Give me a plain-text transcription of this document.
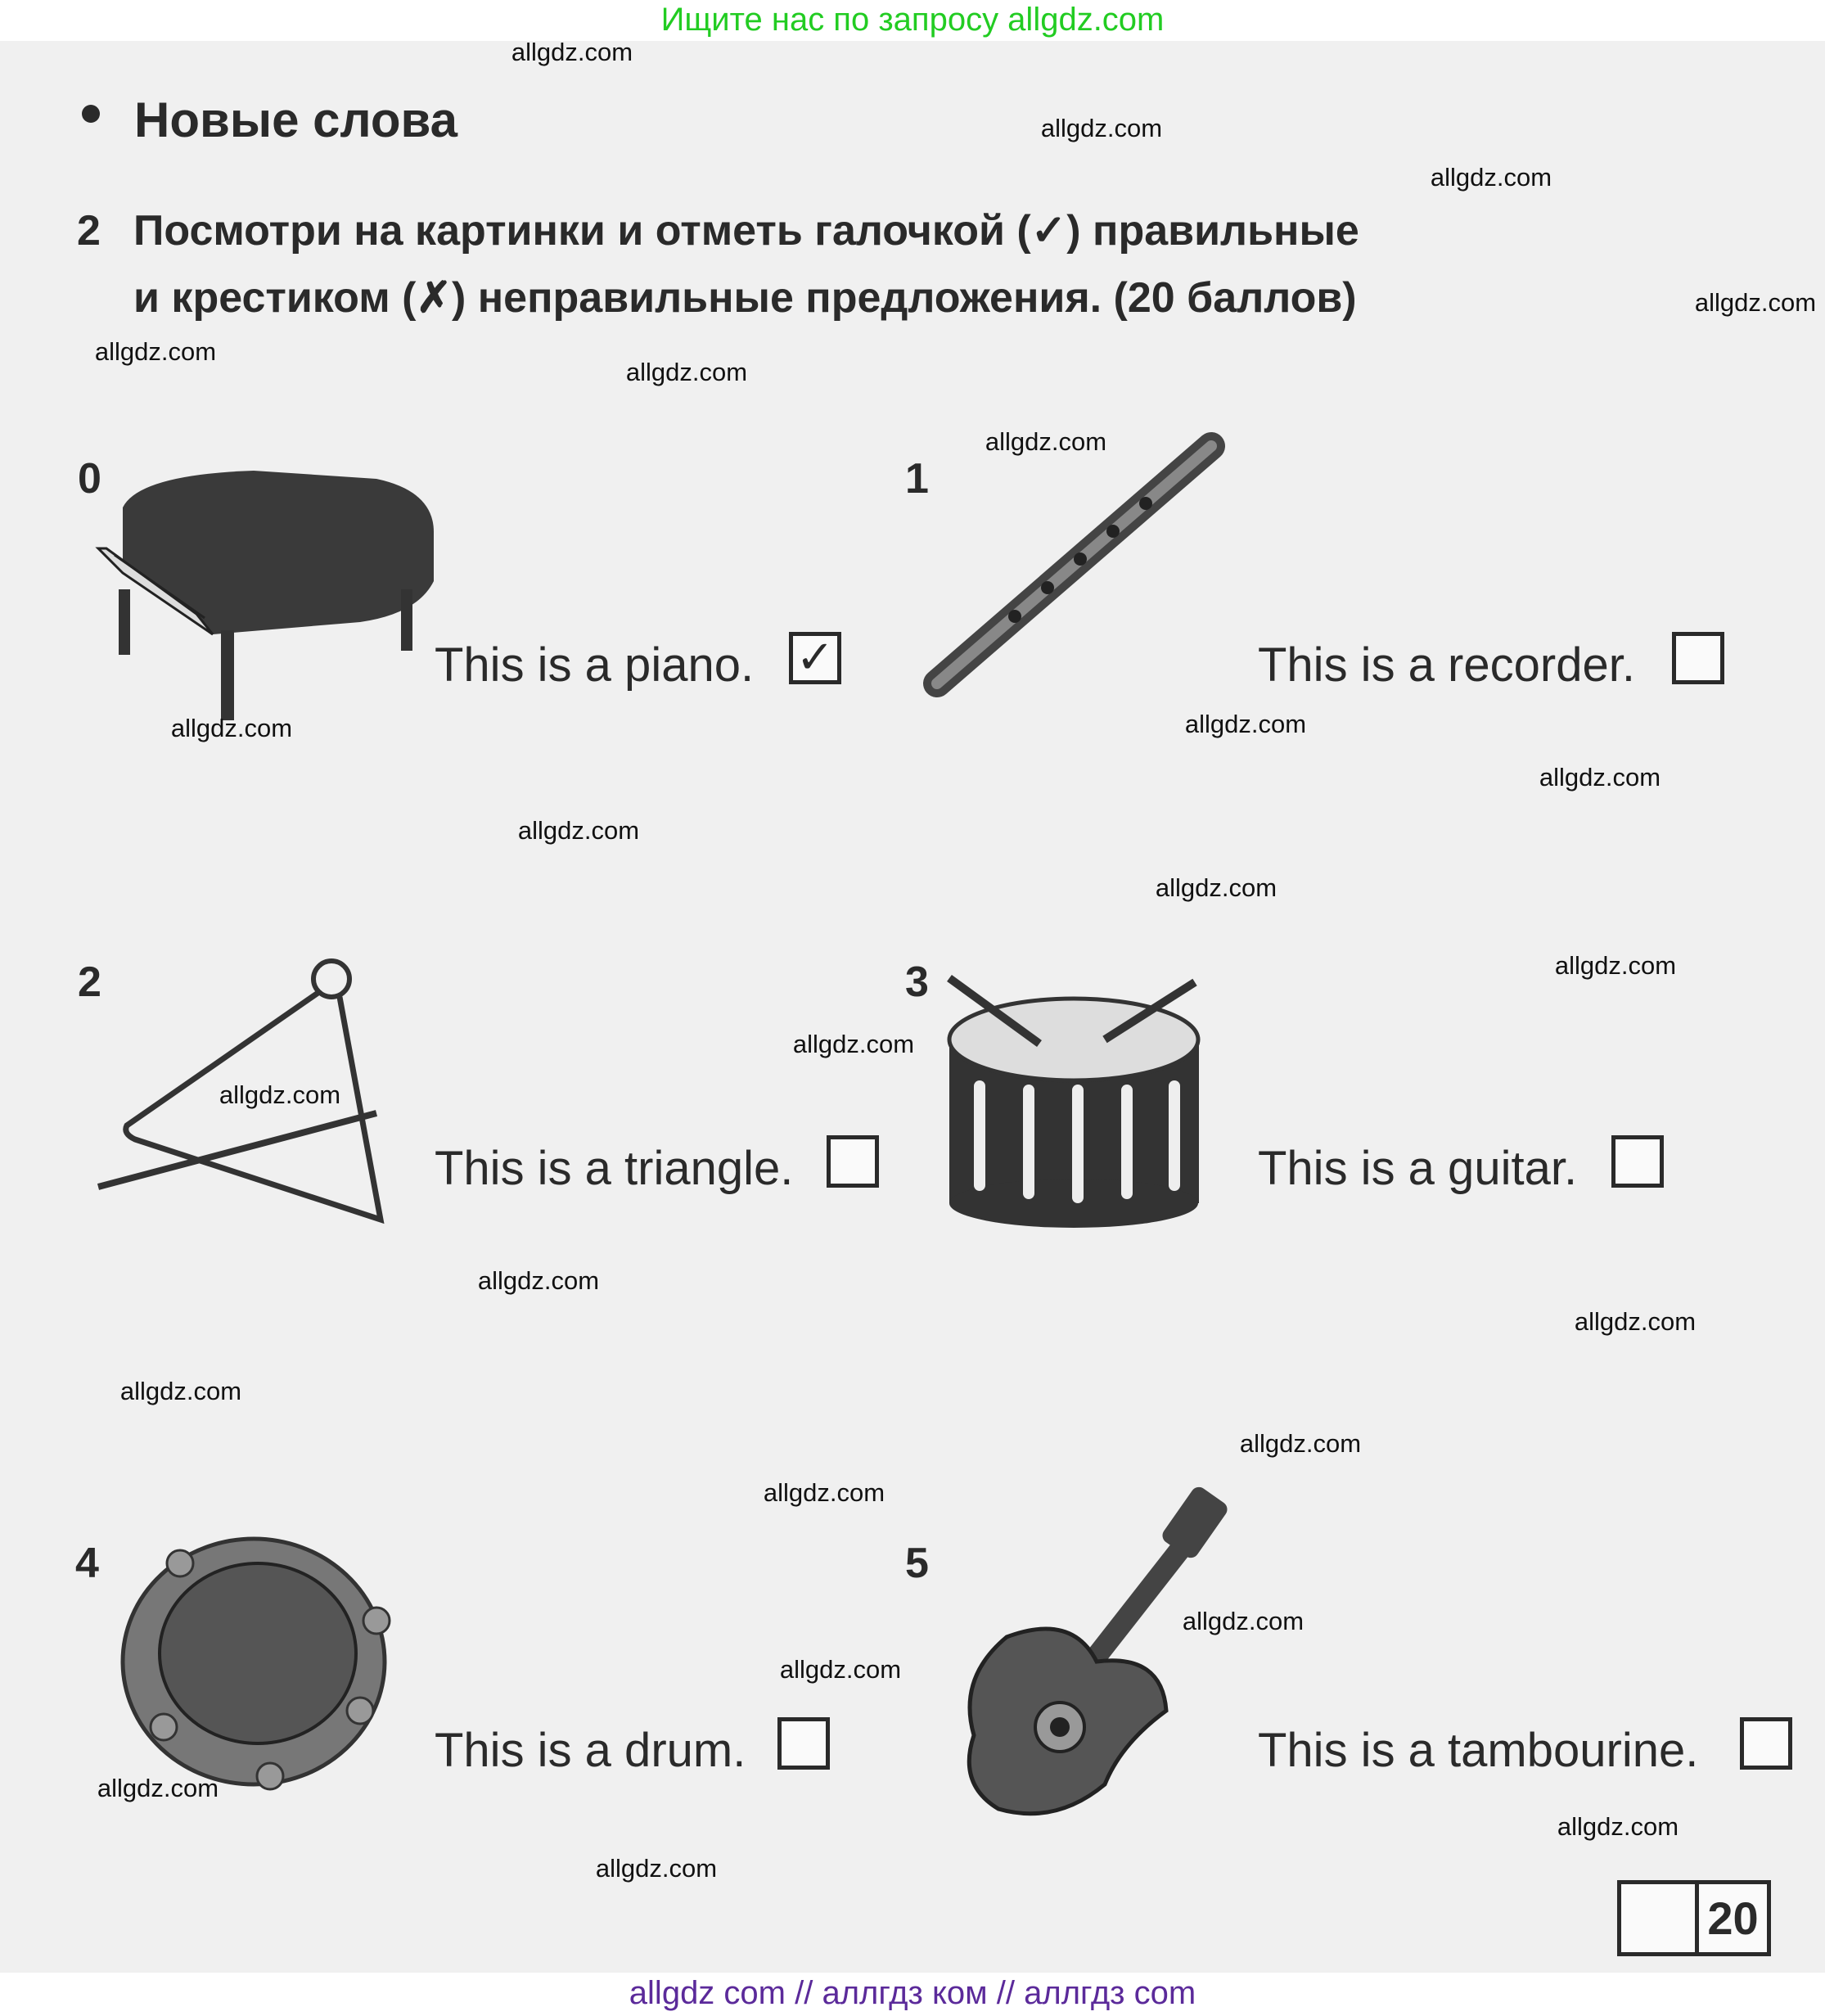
Ищите нас по запросу allgdz.com
Новые слова
2 Посмотри на картинки и отметь галочкой (✓) правильные
и крестиком (✗) неправильные предложения. (20 баллов)
0
This is a piano. ✓
1
This is a recorder.
2
This is a triangle.
3
This is a guitar.
4
This is a drum.
5
This is a tambourine.
20
allgdz.com
allgdz.com
allgdz.com
allgdz.com
allgdz.com
allgdz.com
allgdz.com
allgdz.com	allgdz.com
allgdz.com
allgdz.com
allgdz.com
allgdz.com
allgdz.com
allgdz.com
allgdz.com
allgdz.com
allgdz.com
allgdz.com
allgdz.com
allgdz.com
allgdz.com
allgdz.com
allgdz.com
allgdz.com
allgdz com // аллгдз ком // аллгдз com
